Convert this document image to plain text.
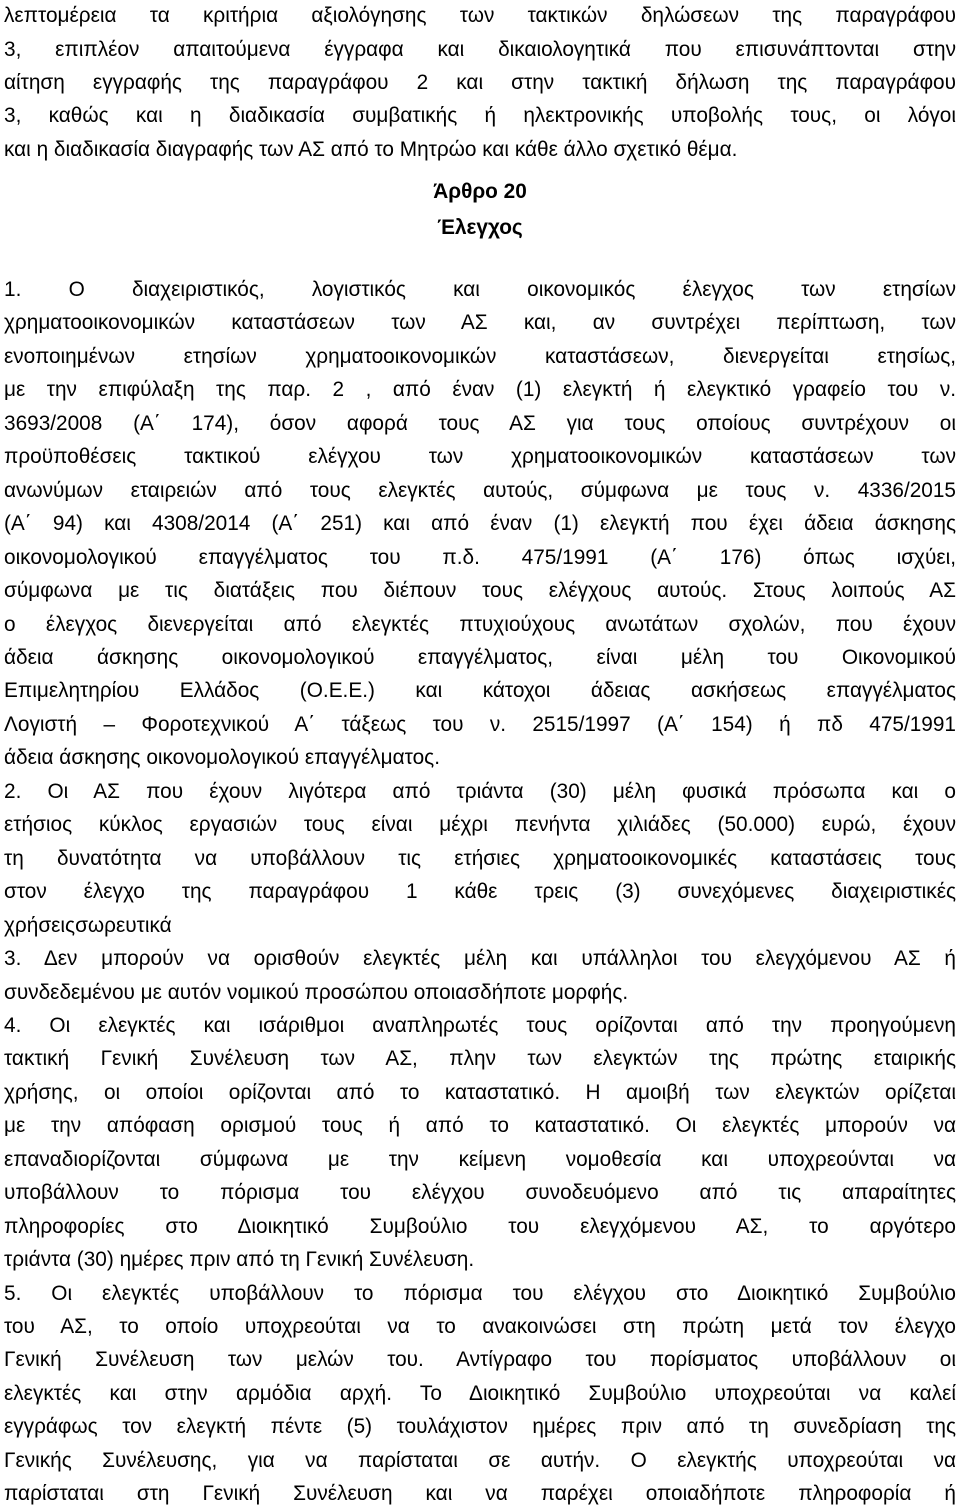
λεπτομέρεια τα κριτήρια αξιολόγησης των τακτικών δηλώσεων της παραγράφου
3, επιπλέον απαιτούμενα έγγραφα και δικαιολογητικά που επισυνάπτονται στην
αίτηση εγγραφής της παραγράφου 2 και στην τακτική δήλωση της παραγράφου
3, καθώς και η διαδικασία συμβατικής ή ηλεκτρονικής υποβολής τους, οι λόγοι
και η διαδικασία διαγραφής των ΑΣ από το Μητρώο και κάθε άλλο σχετικό θέμα.
Άρθρο 20
Έλεγχος
1. Ο διαχειριστικός, λογιστικός και οικονομικός έλεγχος των ετησίων
χρηματοοικονομικών καταστάσεων των ΑΣ και, αν συντρέχει περίπτωση, των
ενοποιημένων ετησίων χρηματοοικονομικών καταστάσεων, διενεργείται ετησίως,
με την επιφύλαξη της παρ. 2 , από έναν (1) ελεγκτή ή ελεγκτικό γραφείο του ν.
3693/2008 (Α΄ 174), όσον αφορά τους ΑΣ για τους οποίους συντρέχουν οι
προϋποθέσεις τακτικού ελέγχου των χρηματοοικονομικών καταστάσεων των
ανωνύμων εταιρειών από τους ελεγκτές αυτούς, σύμφωνα με τους ν. 4336/2015
(Α΄ 94) και 4308/2014 (Α΄ 251) και από έναν (1) ελεγκτή που έχει άδεια άσκησης
οικονομολογικού επαγγέλματος του π.δ. 475/1991 (Α΄ 176) όπως ισχύει,
σύμφωνα με τις διατάξεις που διέπουν τους ελέγχους αυτούς. Στους λοιπούς ΑΣ
ο έλεγχος διενεργείται από ελεγκτές πτυχιούχους ανωτάτων σχολών, που έχουν
άδεια άσκησης οικονομολογικού επαγγέλματος, είναι μέλη του Οικονομικού
Επιμελητηρίου Ελλάδος (Ο.Ε.Ε.) και κάτοχοι άδειας ασκήσεως επαγγέλματος
Λογιστή – Φοροτεχνικού Α΄ τάξεως του ν. 2515/1997 (Α΄ 154) ή πδ 475/1991
άδεια άσκησης οικονομολογικού επαγγέλματος.
2. Οι ΑΣ που έχουν λιγότερα από τριάντα (30) μέλη φυσικά πρόσωπα και ο
ετήσιος κύκλος εργασιών τους είναι μέχρι πενήντα χιλιάδες (50.000) ευρώ, έχουν
τη δυνατότητα να υποβάλλουν τις ετήσιες χρηματοοικονομικές καταστάσεις τους
στον έλεγχο της παραγράφου 1 κάθε τρεις (3) συνεχόμενες διαχειριστικές
χρήσειςσωρευτικά
3. Δεν μπορούν να ορισθούν ελεγκτές μέλη και υπάλληλοι του ελεγχόμενου ΑΣ ή
συνδεδεμένου με αυτόν νομικού προσώπου οποιασδήποτε μορφής.
4. Οι ελεγκτές και ισάριθμοι αναπληρωτές τους ορίζονται από την προηγούμενη
τακτική Γενική Συνέλευση των ΑΣ, πλην των ελεγκτών της πρώτης εταιρικής
χρήσης, οι οποίοι ορίζονται από το καταστατικό. Η αμοιβή των ελεγκτών ορίζεται
με την απόφαση ορισμού τους ή από το καταστατικό. Οι ελεγκτές μπορούν να
επαναδιορίζονται σύμφωνα με την κείμενη νομοθεσία και υποχρεούνται να
υποβάλλουν το πόρισμα του ελέγχου συνοδευόμενο από τις απαραίτητες
πληροφορίες στο Διοικητικό Συμβούλιο του ελεγχόμενου ΑΣ, το αργότερο
τριάντα (30) ημέρες πριν από τη Γενική Συνέλευση.
5. Οι ελεγκτές υποβάλλουν το πόρισμα του ελέγχου στο Διοικητικό Συμβούλιο
του ΑΣ, το οποίο υποχρεούται να το ανακοινώσει στη πρώτη μετά τον έλεγχο
Γενική Συνέλευση των μελών του. Αντίγραφο του πορίσματος υποβάλλουν οι
ελεγκτές και στην αρμόδια αρχή. Το Διοικητικό Συμβούλιο υποχρεούται να καλεί
εγγράφως τον ελεγκτή πέντε (5) τουλάχιστον ημέρες πριν από τη συνεδρίαση της
Γενικής Συνέλευσης, για να παρίσταται σε αυτήν. Ο ελεγκτής υποχρεούται να
παρίσταται στη Γενική Συνέλευση και να παρέχει οποιαδήποτε πληροφορία ή
